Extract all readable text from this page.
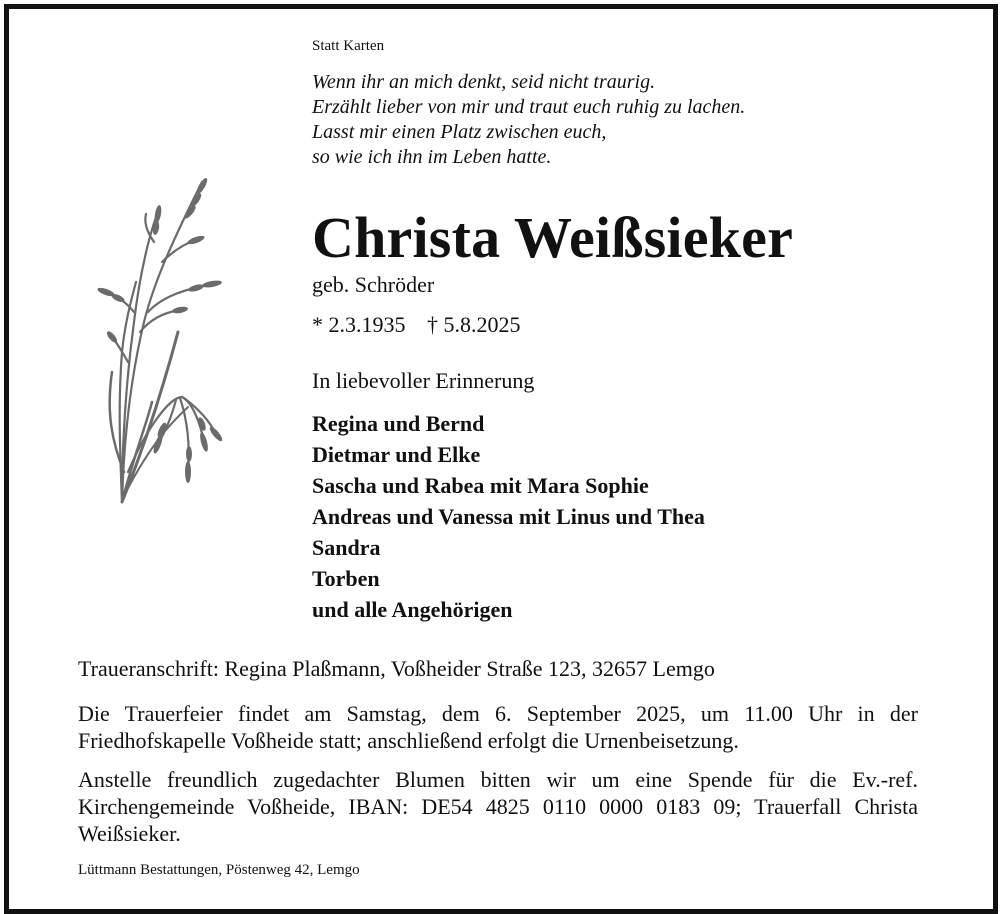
Statt Karten
Wenn ihr an mich denkt, seid nicht traurig.
Erzählt lieber von mir und traut euch ruhig zu lachen.
Lasst mir einen Platz zwischen euch,
so wie ich ihn im Leben hatte.
Christa Weißsieker
geb. Schröder
* 2.3.1935 † 5.8.2025
In liebevoller Erinnerung
Regina und Bernd
Dietmar und Elke
Sascha und Rabea mit Mara Sophie
Andreas und Vanessa mit Linus und Thea
Sandra
Torben
und alle Angehörigen
Traueranschrift: Regina Plaßmann, Voßheider Straße 123, 32657 Lemgo
Die Trauerfeier findet am Samstag, dem 6. September 2025, um 11.00 Uhr in der Friedhofskapelle Voßheide statt; anschließend erfolgt die Urnenbeisetzung.
Anstelle freundlich zugedachter Blumen bitten wir um eine Spende für die Ev.-ref. Kirchengemeinde Voßheide, IBAN: DE54 4825 0110 0000 0183 09; Trauerfall Christa Weißsieker.
Lüttmann Bestattungen, Pöstenweg 42, Lemgo
